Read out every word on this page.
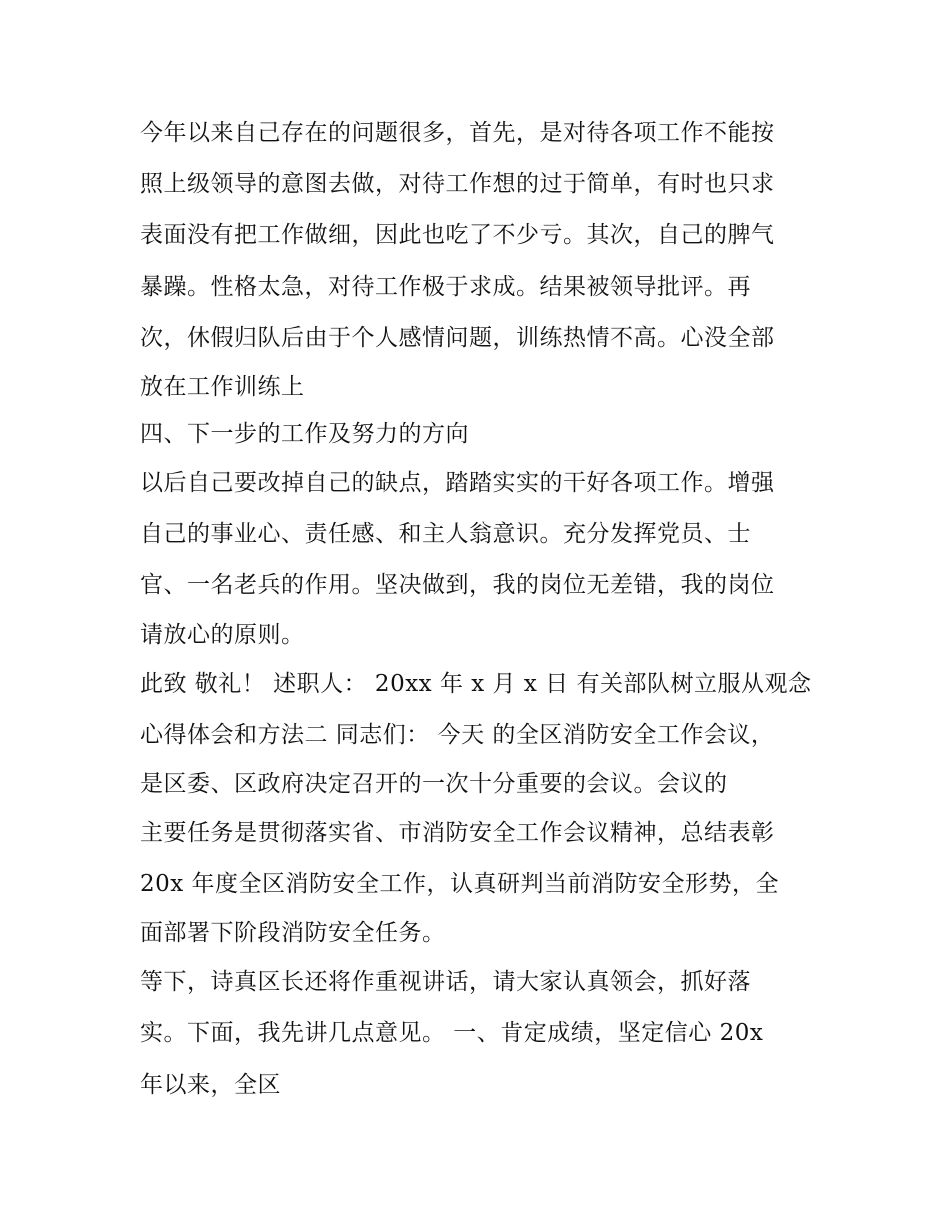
今年以来自己存在的问题很多，首先，是对待各项工作不能按
照上级领导的意图去做，对待工作想的过于简单，有时也只求
表面没有把工作做细，因此也吃了不少亏。其次，自己的脾气
暴躁。性格太急，对待工作极于求成。结果被领导批评。再
次，休假归队后由于个人感情问题，训练热情不高。心没全部
放在工作训练上
四、下一步的工作及努力的方向
以后自己要改掉自己的缺点，踏踏实实的干好各项工作。增强
自己的事业心、责任感、和主人翁意识。充分发挥党员、士
官、一名老兵的作用。坚决做到，我的岗位无差错，我的岗位
请放心的原则。
此致 敬礼！ 述职人： 20xx 年 x 月 x 日 有关部队树立服从观念
心得体会和方法二 同志们： 今天 的全区消防安全工作会议，
是区委、区政府决定召开的一次十分重要的会议。会议的
主要任务是贯彻落实省、市消防安全工作会议精神，总结表彰
20x 年度全区消防安全工作，认真研判当前消防安全形势，全
面部署下阶段消防安全任务。
等下，诗真区长还将作重视讲话，请大家认真领会，抓好落
实。下面，我先讲几点意见。 一、肯定成绩，坚定信心 20x
年以来，全区
